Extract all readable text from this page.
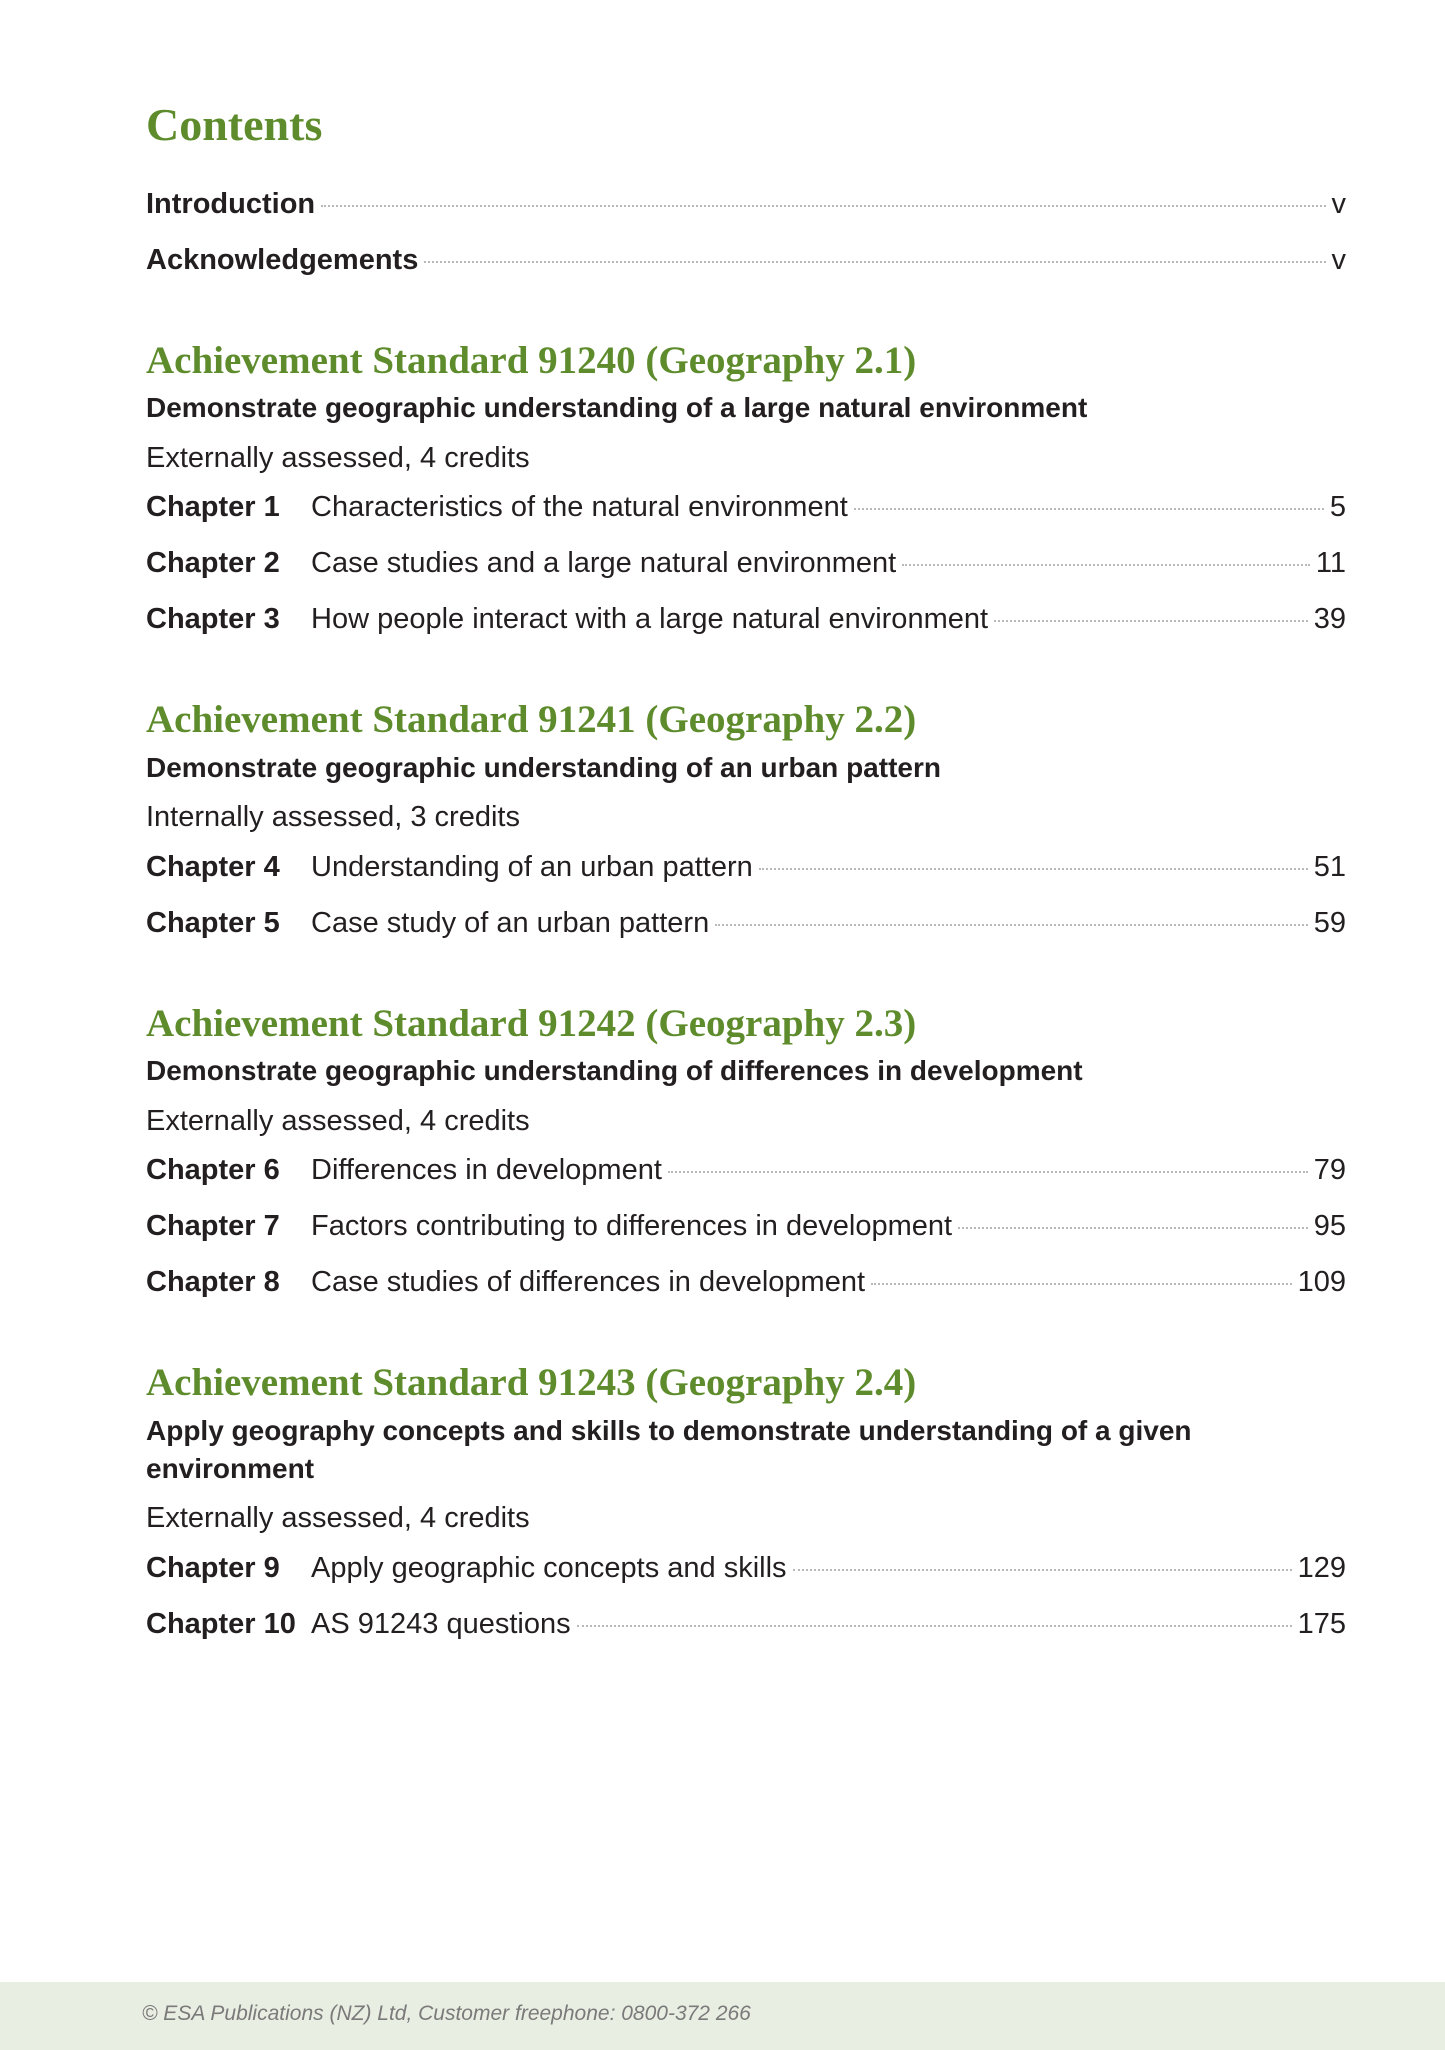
Contents
Introduction	v
Acknowledgements	v
Achievement Standard 91240 (Geography 2.1)

Demonstrate geographic understanding of a large natural environment

Externally assessed, 4 credits

Chapter 1	Characteristics of the natural environment	5
Chapter 2	Case studies and a large natural environment	11
Chapter 3	How people interact with a large natural environment	39
Achievement Standard 91241 (Geography 2.2)

Demonstrate geographic understanding of an urban pattern

Internally assessed, 3 credits

Chapter 4	Understanding of an urban pattern	51
Chapter 5	Case study of an urban pattern	59
Achievement Standard 91242 (Geography 2.3)

Demonstrate geographic understanding of differences in development

Externally assessed, 4 credits

Chapter 6	Differences in development	79
Chapter 7	Factors contributing to differences in development	95
Chapter 8	Case studies of differences in development	109
Achievement Standard 91243 (Geography 2.4)

Apply geography concepts and skills to demonstrate understanding of a given environment

Externally assessed, 4 credits

Chapter 9	Apply geographic concepts and skills	129
Chapter 10 AS 91243 questions	175
© ESA Publications (NZ) Ltd, Customer freephone: 0800-372 266
